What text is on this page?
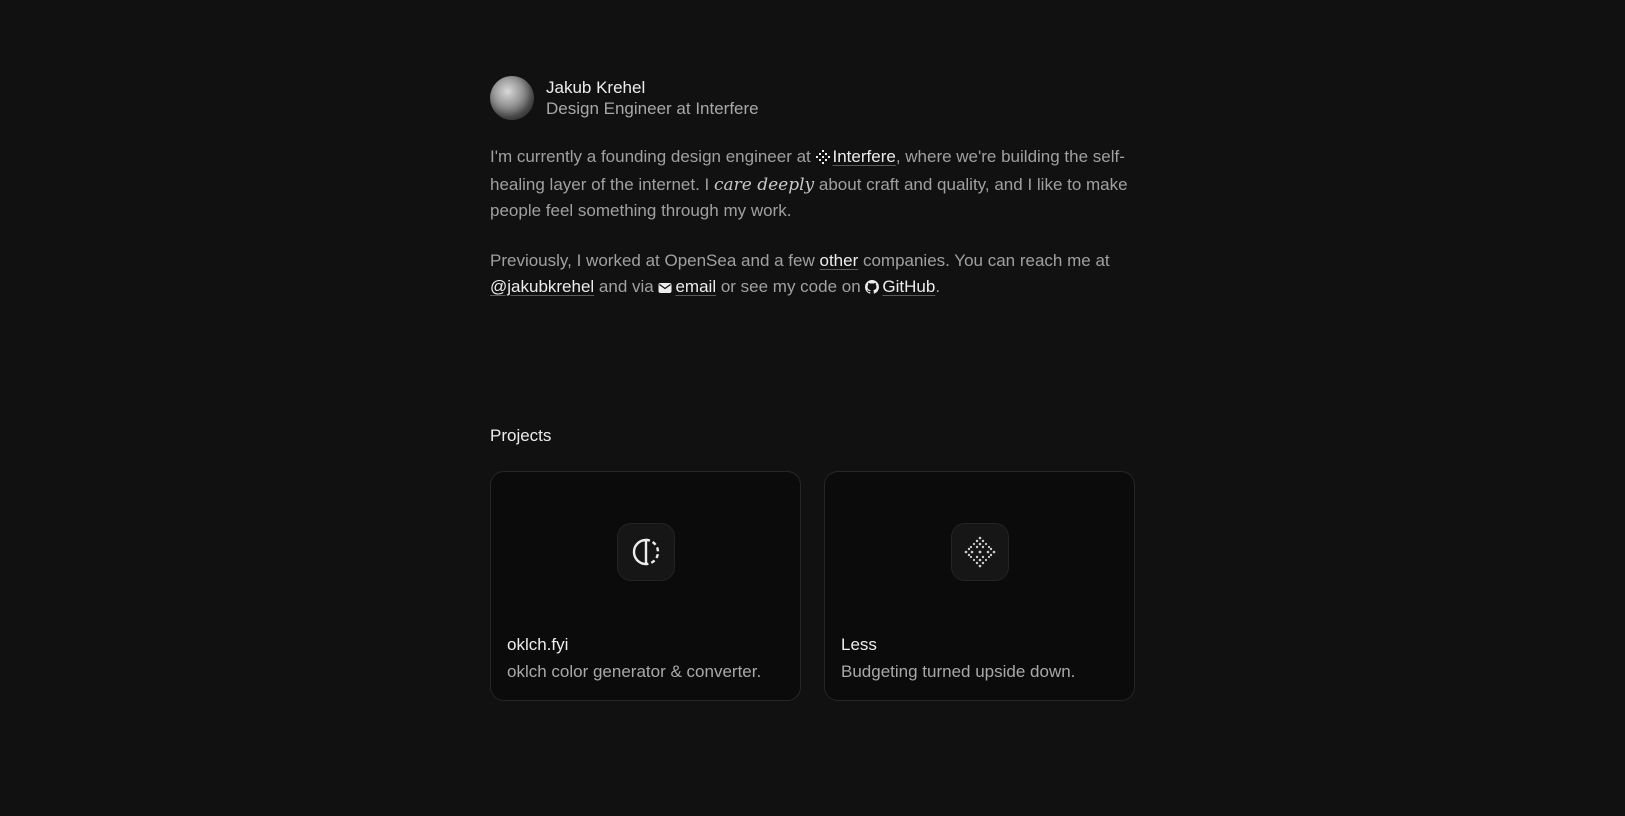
Jakub Krehel
Design Engineer at Interfere

I'm currently a founding design engineer at Interfere, where we're building the self-healing layer of the internet. I care deeply about craft and quality, and I like to make people feel something through my work.

Previously, I worked at OpenSea and a few other companies. You can reach me at @jakubkrehel and via email or see my code on GitHub.

Projects
oklch.fyi
oklch color generator & converter.
Less
Budgeting turned upside down.
